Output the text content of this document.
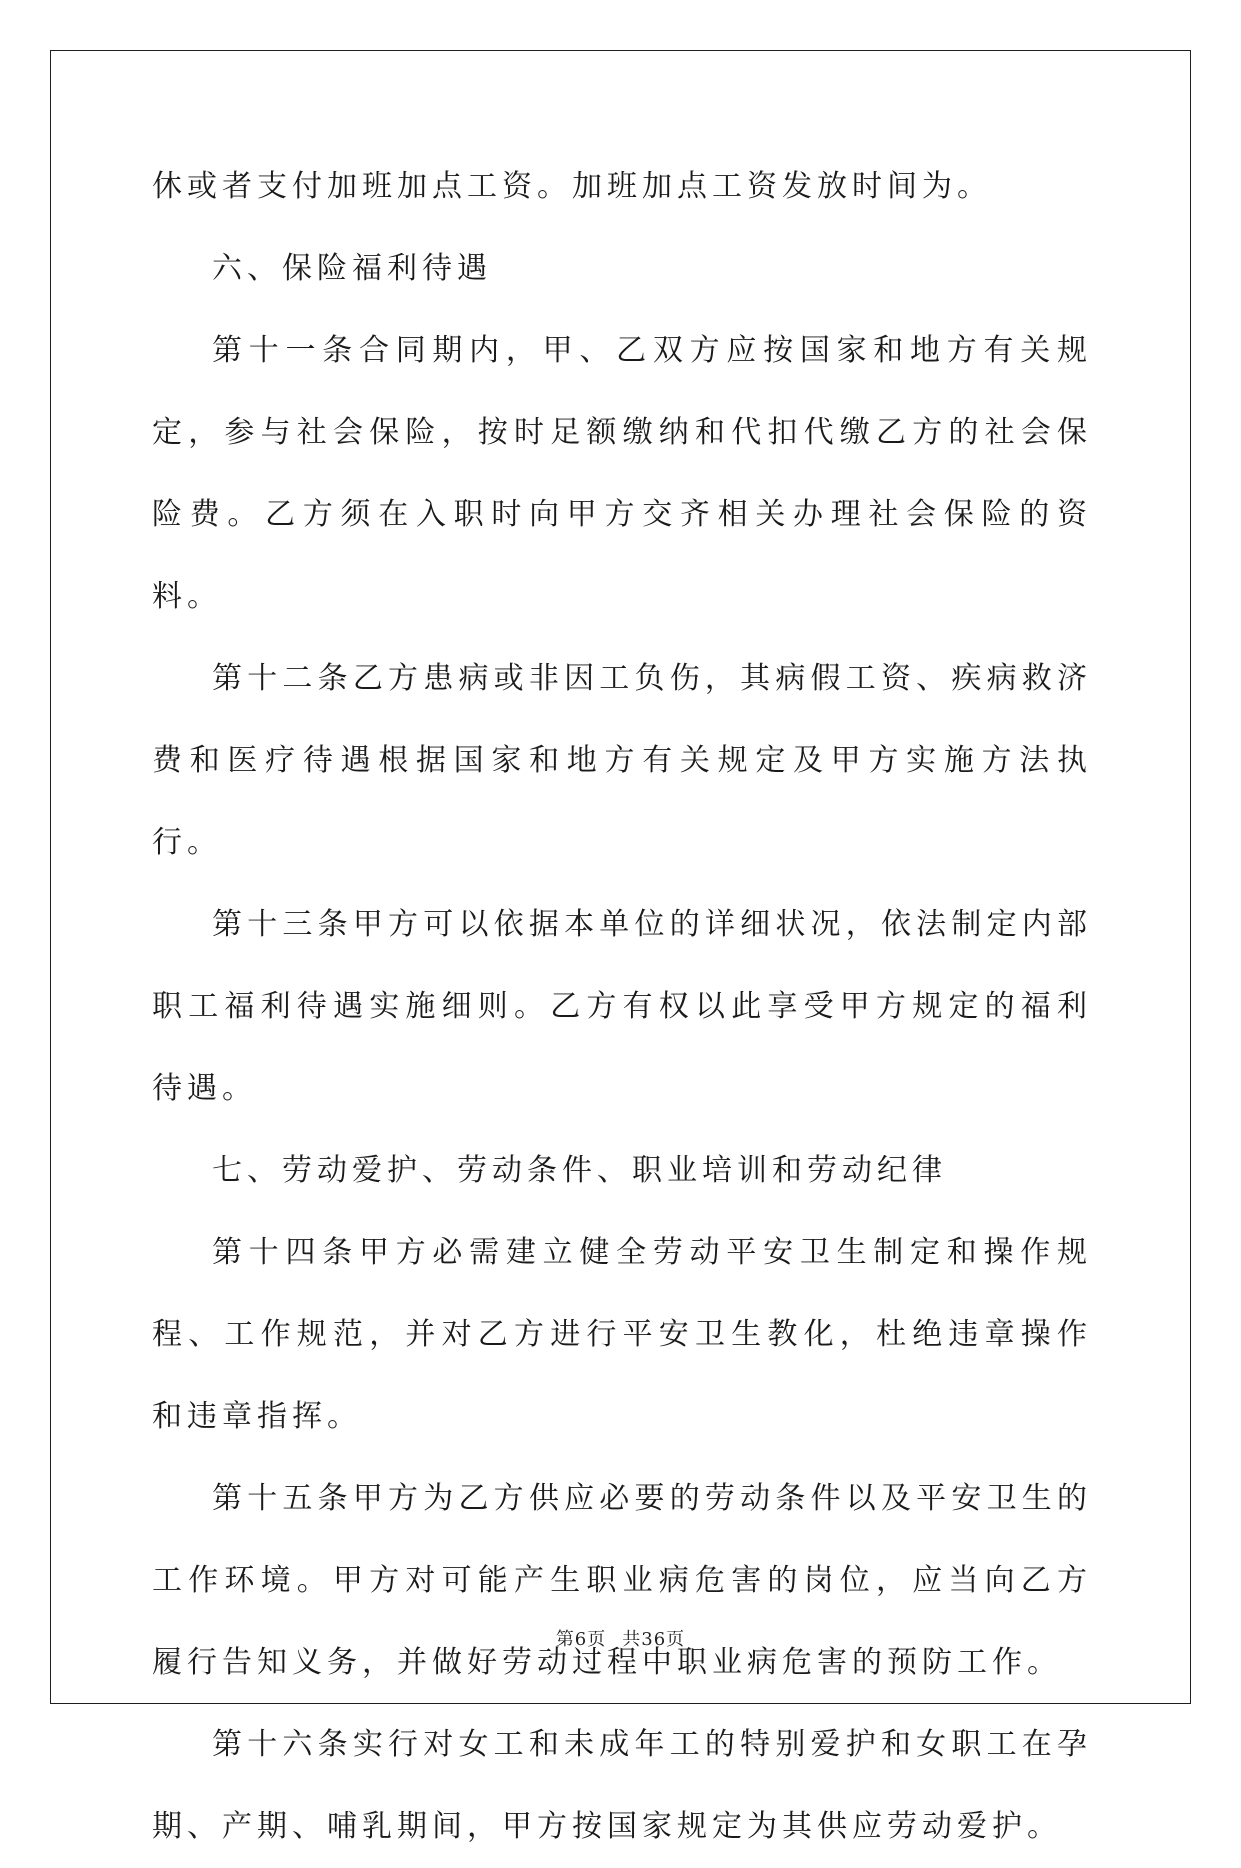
休或者支付加班加点工资。加班加点工资发放时间为。

六、保险福利待遇

第十一条合同期内，甲、乙双方应按国家和地方有关规定，参与社会保险，按时足额缴纳和代扣代缴乙方的社会保险费。乙方须在入职时向甲方交齐相关办理社会保险的资料。

第十二条乙方患病或非因工负伤，其病假工资、疾病救济费和医疗待遇根据国家和地方有关规定及甲方实施方法执行。

第十三条甲方可以依据本单位的详细状况，依法制定内部职工福利待遇实施细则。乙方有权以此享受甲方规定的福利待遇。

七、劳动爱护、劳动条件、职业培训和劳动纪律

第十四条甲方必需建立健全劳动平安卫生制定和操作规程、工作规范，并对乙方进行平安卫生教化，杜绝违章操作和违章指挥。

第十五条甲方为乙方供应必要的劳动条件以及平安卫生的工作环境。甲方对可能产生职业病危害的岗位，应当向乙方履行告知义务，并做好劳动过程中职业病危害的预防工作。

第十六条实行对女工和未成年工的特别爱护和女职工在孕期、产期、哺乳期间，甲方按国家规定为其供应劳动爱护。

第6页 共36页
